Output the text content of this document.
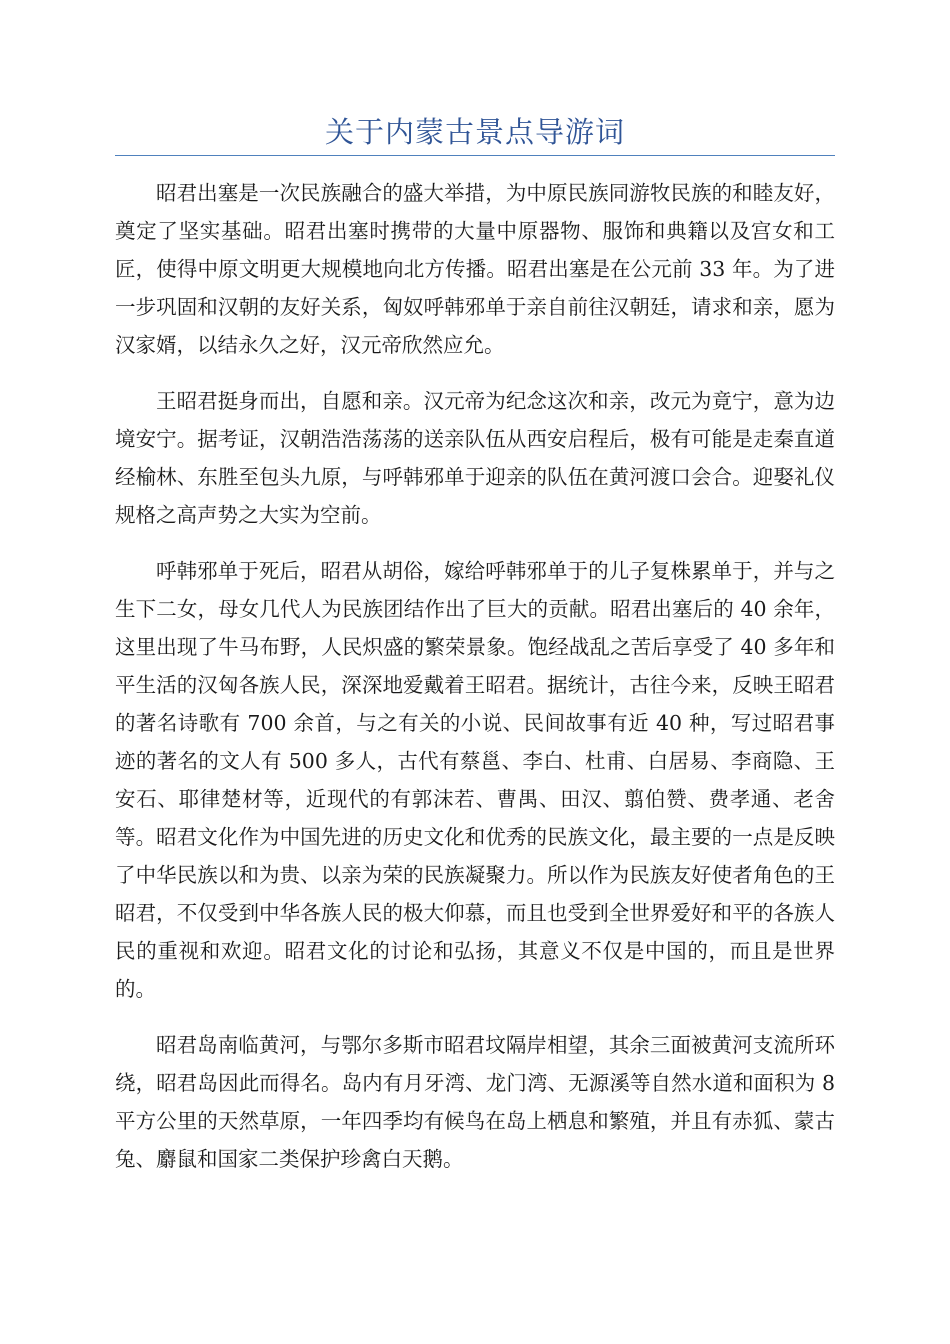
关于内蒙古景点导游词

昭君出塞是一次民族融合的盛大举措，为中原民族同游牧民族的和睦友好，奠定了坚实基础。昭君出塞时携带的大量中原器物、服饰和典籍以及宫女和工匠，使得中原文明更大规模地向北方传播。昭君出塞是在公元前 33 年。为了进一步巩固和汉朝的友好关系，匈奴呼韩邪单于亲自前往汉朝廷，请求和亲，愿为汉家婿，以结永久之好，汉元帝欣然应允。

王昭君挺身而出，自愿和亲。汉元帝为纪念这次和亲，改元为竟宁，意为边境安宁。据考证，汉朝浩浩荡荡的送亲队伍从西安启程后，极有可能是走秦直道经榆林、东胜至包头九原，与呼韩邪单于迎亲的队伍在黄河渡口会合。迎娶礼仪规格之高声势之大实为空前。

呼韩邪单于死后，昭君从胡俗，嫁给呼韩邪单于的儿子复株累单于，并与之生下二女，母女几代人为民族团结作出了巨大的贡献。昭君出塞后的 40 余年，这里出现了牛马布野，人民炽盛的繁荣景象。饱经战乱之苦后享受了 40 多年和平生活的汉匈各族人民，深深地爱戴着王昭君。据统计，古往今来，反映王昭君的著名诗歌有 700 余首，与之有关的小说、民间故事有近 40 种，写过昭君事迹的著名的文人有 500 多人，古代有蔡邕、李白、杜甫、白居易、李商隐、王安石、耶律楚材等，近现代的有郭沫若、曹禺、田汉、翦伯赞、费孝通、老舍等。昭君文化作为中国先进的历史文化和优秀的民族文化，最主要的一点是反映了中华民族以和为贵、以亲为荣的民族凝聚力。所以作为民族友好使者角色的王昭君，不仅受到中华各族人民的极大仰慕，而且也受到全世界爱好和平的各族人民的重视和欢迎。昭君文化的讨论和弘扬，其意义不仅是中国的，而且是世界的。

昭君岛南临黄河，与鄂尔多斯市昭君坟隔岸相望，其余三面被黄河支流所环绕，昭君岛因此而得名。岛内有月牙湾、龙门湾、无源溪等自然水道和面积为 8 平方公里的天然草原，一年四季均有候鸟在岛上栖息和繁殖，并且有赤狐、蒙古兔、麝鼠和国家二类保护珍禽白天鹅。
